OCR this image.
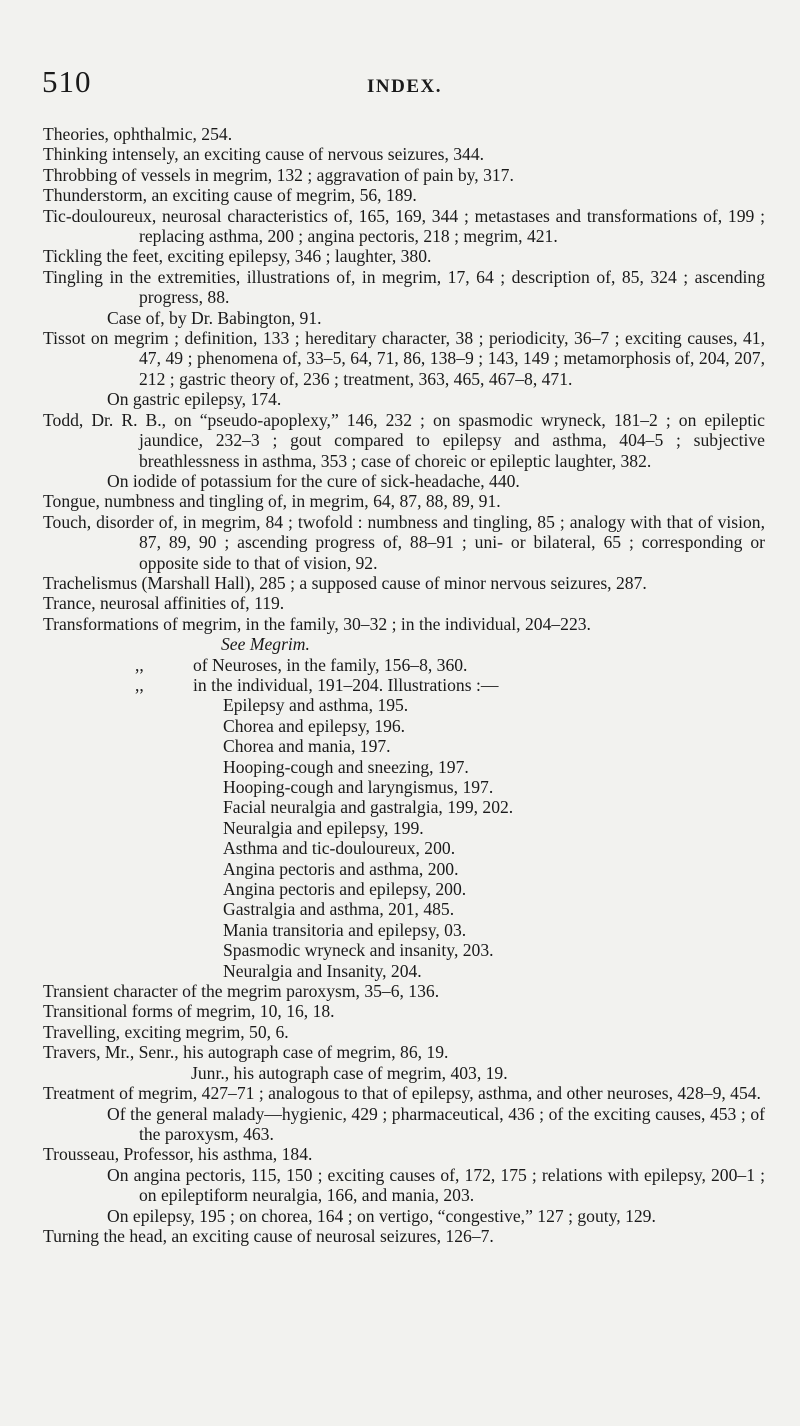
510	INDEX.

Theories, ophthalmic, 254.

Thinking intensely, an exciting cause of nervous seizures, 344.

Throbbing of vessels in megrim, 132 ; aggravation of pain by, 317.

Thunderstorm, an exciting cause of megrim, 56, 189.

Tic-douloureux, neurosal characteristics of, 165, 169, 344 ; metastases and transformations of, 199 ; replacing asthma, 200 ; angina pectoris, 218 ; megrim, 421.

Tickling the feet, exciting epilepsy, 346 ; laughter, 380.

Tingling in the extremities, illustrations of, in megrim, 17, 64 ; description of, 85, 324 ; ascending progress, 88.

Case of, by Dr. Babington, 91.

Tissot on megrim ; definition, 133 ; hereditary character, 38 ; periodicity, 36–7 ; exciting causes, 41, 47, 49 ; phenomena of, 33–5, 64, 71, 86, 138–9 ; 143, 149 ; metamorphosis of, 204, 207, 212 ; gastric theory of, 236 ; treatment, 363, 465, 467–8, 471.

On gastric epilepsy, 174.

Todd, Dr. R. B., on “pseudo-apoplexy,” 146, 232 ; on spasmodic wryneck, 181–2 ; on epileptic jaundice, 232–3 ; gout compared to epilepsy and asthma, 404–5 ; subjective breathlessness in asthma, 353 ; case of choreic or epileptic laughter, 382.

On iodide of potassium for the cure of sick-headache, 440.

Tongue, numbness and tingling of, in megrim, 64, 87, 88, 89, 91.

Touch, disorder of, in megrim, 84 ; twofold : numbness and tingling, 85 ; analogy with that of vision, 87, 89, 90 ; ascending progress of, 88–91 ; uni- or bilateral, 65 ; corresponding or opposite side to that of vision, 92.

Trachelismus (Marshall Hall), 285 ; a supposed cause of minor nervous seizures, 287.

Trance, neurosal affinities of, 119.

Transformations of megrim, in the family, 30–32 ; in the individual, 204–223.

See Megrim.

,,	of Neuroses, in the family, 156–8, 360.

,,	in the individual, 191–204. Illustrations :—

Epilepsy and asthma, 195.

Chorea and epilepsy, 196.

Chorea and mania, 197.

Hooping-cough and sneezing, 197.

Hooping-cough and laryngismus, 197.

Facial neuralgia and gastralgia, 199, 202.

Neuralgia and epilepsy, 199.

Asthma and tic-douloureux, 200.

Angina pectoris and asthma, 200.

Angina pectoris and epilepsy, 200.

Gastralgia and asthma, 201, 485.

Mania transitoria and epilepsy, 03.

Spasmodic wryneck and insanity, 203.

Neuralgia and Insanity, 204.

Transient character of the megrim paroxysm, 35–6, 136.

Transitional forms of megrim, 10, 16, 18.

Travelling, exciting megrim, 50, 6.

Travers, Mr., Senr., his autograph case of megrim, 86, 19.

Junr., his autograph case of megrim, 403, 19.

Treatment of megrim, 427–71 ; analogous to that of epilepsy, asthma, and other neuroses, 428–9, 454.

Of the general malady—hygienic, 429 ; pharmaceutical, 436 ; of the exciting causes, 453 ; of the paroxysm, 463.

Trousseau, Professor, his asthma, 184.

On angina pectoris, 115, 150 ; exciting causes of, 172, 175 ; relations with epilepsy, 200–1 ; on epileptiform neuralgia, 166, and mania, 203.

On epilepsy, 195 ; on chorea, 164 ; on vertigo, “congestive,” 127 ; gouty, 129.

Turning the head, an exciting cause of neurosal seizures, 126–7.
